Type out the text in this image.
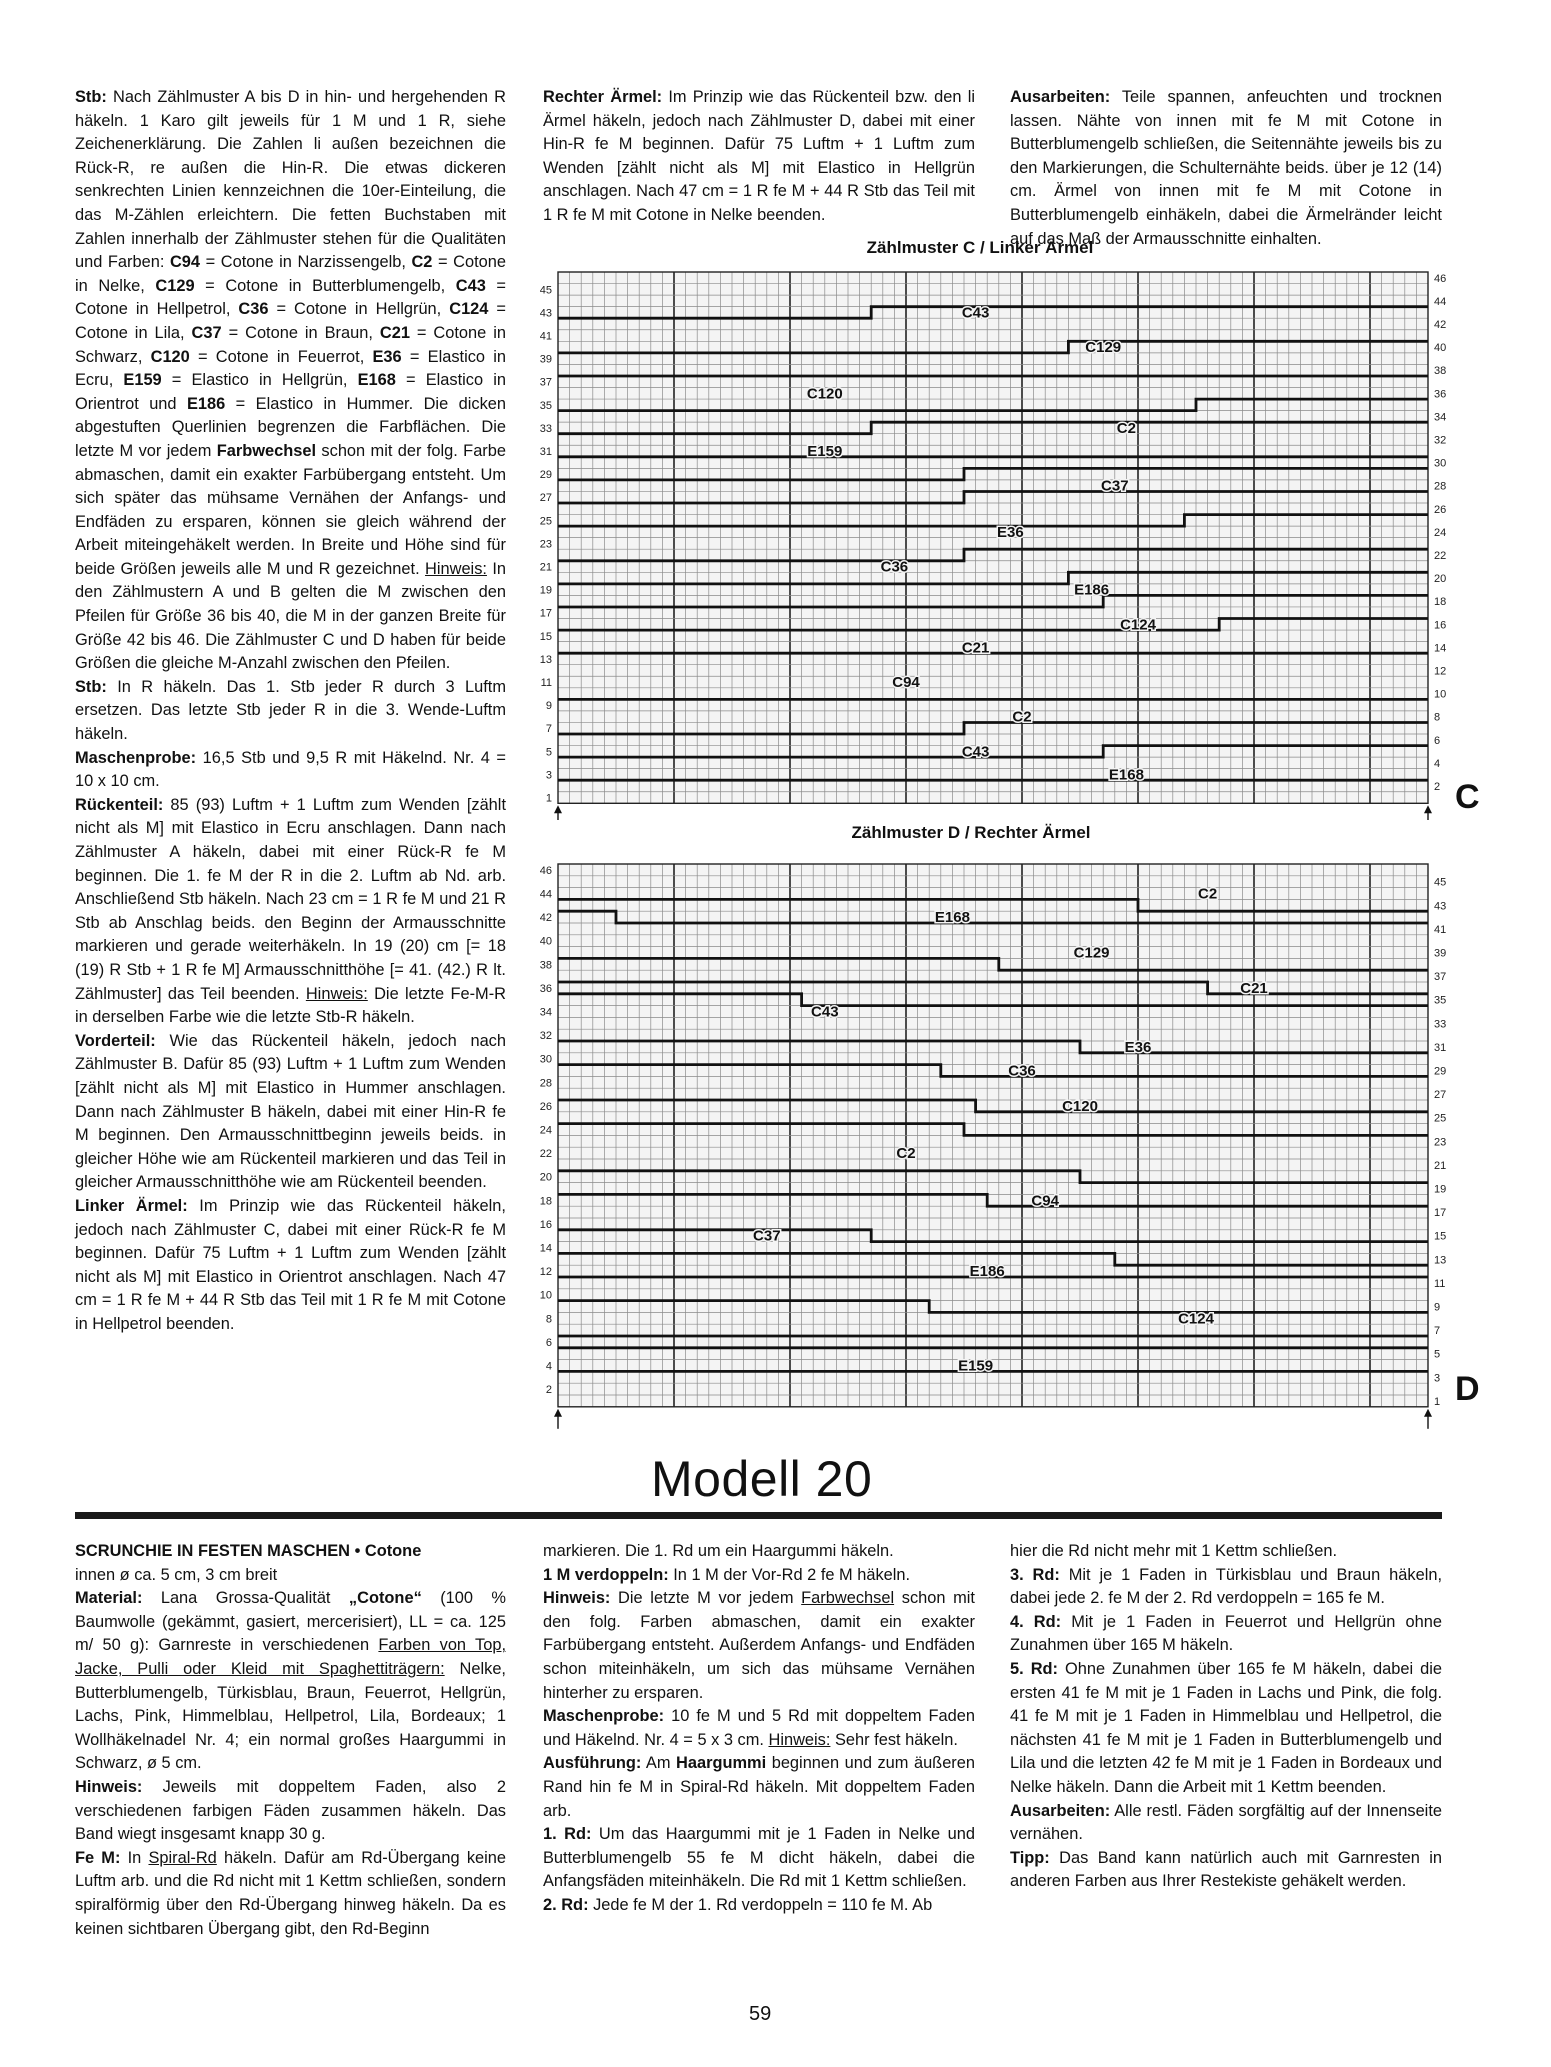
Stb: Nach Zählmuster A bis D in hin- und hergehenden R häkeln. 1 Karo gilt jeweils für 1 M und 1 R, siehe Zeichenerklärung. Die Zahlen li außen bezeichnen die Rück-R, re außen die Hin-R. Die etwas dickeren senkrechten Linien kennzeichnen die 10er-Einteilung, die das M-Zählen erleichtern. Die fetten Buchstaben mit Zahlen innerhalb der Zählmuster stehen für die Qualitäten und Farben: C94 = Cotone in Narzissengelb, C2 = Cotone in Nelke, C129 = Cotone in Butterblumengelb, C43 = Cotone in Hellpetrol, C36 = Cotone in Hellgrün, C124 = Cotone in Lila, C37 = Cotone in Braun, C21 = Cotone in Schwarz, C120 = Cotone in Feuerrot, E36 = Elastico in Ecru, E159 = Elastico in Hellgrün, E168 = Elastico in Orientrot und E186 = Elastico in Hummer. Die dicken abgestuften Querlinien begrenzen die Farbflächen. Die letzte M vor jedem Farbwechsel schon mit der folg. Farbe abmaschen, damit ein exakter Farbübergang entsteht. Um sich später das mühsame Vernähen der Anfangs- und Endfäden zu ersparen, können sie gleich während der Arbeit miteingehäkelt werden. In Breite und Höhe sind für beide Größen jeweils alle M und R gezeichnet. Hinweis: In den Zählmustern A und B gelten die M zwischen den Pfeilen für Größe 36 bis 40, die M in der ganzen Breite für Größe 42 bis 46. Die Zählmuster C und D haben für beide Größen die gleiche M-Anzahl zwischen den Pfeilen.

Stb: In R häkeln. Das 1. Stb jeder R durch 3 Luftm ersetzen. Das letzte Stb jeder R in die 3. Wende-Luftm häkeln.

Maschenprobe: 16,5 Stb und 9,5 R mit Häkelnd. Nr. 4 = 10 x 10 cm.

Rückenteil: 85 (93) Luftm + 1 Luftm zum Wenden [zählt nicht als M] mit Elastico in Ecru anschlagen. Dann nach Zählmuster A häkeln, dabei mit einer Rück-R fe M beginnen. Die 1. fe M der R in die 2. Luftm ab Nd. arb. Anschließend Stb häkeln. Nach 23 cm = 1 R fe M und 21 R Stb ab Anschlag beids. den Beginn der Armausschnitte markieren und gerade weiterhäkeln. In 19 (20) cm [= 18 (19) R Stb + 1 R fe M] Armausschnitthöhe [= 41. (42.) R lt. Zählmuster] das Teil beenden. Hinweis: Die letzte Fe-M-R in derselben Farbe wie die letzte Stb-R häkeln.

Vorderteil: Wie das Rückenteil häkeln, jedoch nach Zählmuster B. Dafür 85 (93) Luftm + 1 Luftm zum Wenden [zählt nicht als M] mit Elastico in Hummer anschlagen. Dann nach Zählmuster B häkeln, dabei mit einer Hin-R fe M beginnen. Den Armausschnittbeginn jeweils beids. in gleicher Höhe wie am Rückenteil markieren und das Teil in gleicher Armausschnitthöhe wie am Rückenteil beenden.

Linker Ärmel: Im Prinzip wie das Rückenteil häkeln, jedoch nach Zählmuster C, dabei mit einer Rück-R fe M beginnen. Dafür 75 Luftm + 1 Luftm zum Wenden [zählt nicht als M] mit Elastico in Orientrot anschlagen. Nach 47 cm = 1 R fe M + 44 R Stb das Teil mit 1 R fe M mit Cotone in Hellpetrol beenden.

Rechter Ärmel: Im Prinzip wie das Rückenteil bzw. den li Ärmel häkeln, jedoch nach Zählmuster D, dabei mit einer Hin-R fe M beginnen. Dafür 75 Luftm + 1 Luftm zum Wenden [zählt nicht als M] mit Elastico in Hellgrün anschlagen. Nach 47 cm = 1 R fe M + 44 R Stb das Teil mit 1 R fe M mit Cotone in Nelke beenden.

Ausarbeiten: Teile spannen, anfeuchten und trocknen lassen. Nähte von innen mit fe M mit Cotone in Butterblumengelb schließen, die Seitennähte jeweils bis zu den Markierungen, die Schulternähte beids. über je 12 (14) cm. Ärmel von innen mit fe M mit Cotone in Butterblumengelb einhäkeln, dabei die Ärmelränder leicht auf das Maß der Armausschnitte einhalten.

Zählmuster C / Linker Ärmel
45
43
41
39
37
35
33
31
29
27
25
23
21
19
17
15
13
11
9
7
5
3
1
46
44
42
40
38
36
34
32
30
28
26
24
22
20
18
16
14
12
10
8
6
4
2
C43
C129
C120
C2
E159
C37
E36
C36
E186
C124
C21
C94
C2
C43
E168
C
Zählmuster D / Rechter Ärmel
46
44
42
40
38
36
34
32
30
28
26
24
22
20
18
16
14
12
10
8
6
4
2
45
43
41
39
37
35
33
31
29
27
25
23
21
19
17
15
13
11
9
7
5
3
1
C2
E168
C129
C21
C43
E36
C36
C120
C2
C94
C37
E186
C124
E159
D
Modell 20

SCRUNCHIE IN FESTEN MASCHEN • Cotone

innen ø ca. 5 cm, 3 cm breit

Material: Lana Grossa-Qualität „Cotone“ (100 % Baumwolle (gekämmt, gasiert, mercerisiert), LL = ca. 125 m/ 50 g): Garnreste in verschiedenen Farben von Top, Jacke, Pulli oder Kleid mit Spaghettiträgern: Nelke, Butterblumengelb, Türkisblau, Braun, Feuerrot, Hellgrün, Lachs, Pink, Himmelblau, Hellpetrol, Lila, Bordeaux; 1 Wollhäkelnadel Nr. 4; ein normal großes Haargummi in Schwarz, ø 5 cm.

Hinweis: Jeweils mit doppeltem Faden, also 2 verschiedenen farbigen Fäden zusammen häkeln. Das Band wiegt insgesamt knapp 30 g.

Fe M: In Spiral-Rd häkeln. Dafür am Rd-Übergang keine Luftm arb. und die Rd nicht mit 1 Kettm schließen, sondern spiralförmig über den Rd-Übergang hinweg häkeln. Da es keinen sichtbaren Übergang gibt, den Rd-Beginn

markieren. Die 1. Rd um ein Haargummi häkeln.

1 M verdoppeln: In 1 M der Vor-Rd 2 fe M häkeln.

Hinweis: Die letzte M vor jedem Farbwechsel schon mit den folg. Farben abmaschen, damit ein exakter Farbübergang entsteht. Außerdem Anfangs- und Endfäden schon miteinhäkeln, um sich das mühsame Vernähen hinterher zu ersparen.

Maschenprobe: 10 fe M und 5 Rd mit doppeltem Faden und Häkelnd. Nr. 4 = 5 x 3 cm. Hinweis: Sehr fest häkeln.

Ausführung: Am Haargummi beginnen und zum äußeren Rand hin fe M in Spiral-Rd häkeln. Mit doppeltem Faden arb.

1. Rd: Um das Haargummi mit je 1 Faden in Nelke und Butterblumengelb 55 fe M dicht häkeln, dabei die Anfangsfäden miteinhäkeln. Die Rd mit 1 Kettm schließen.

2. Rd: Jede fe M der 1. Rd verdoppeln = 110 fe M. Ab

hier die Rd nicht mehr mit 1 Kettm schließen.

3. Rd: Mit je 1 Faden in Türkisblau und Braun häkeln, dabei jede 2. fe M der 2. Rd verdoppeln = 165 fe M.

4. Rd: Mit je 1 Faden in Feuerrot und Hellgrün ohne Zunahmen über 165 M häkeln.

5. Rd: Ohne Zunahmen über 165 fe M häkeln, dabei die ersten 41 fe M mit je 1 Faden in Lachs und Pink, die folg. 41 fe M mit je 1 Faden in Himmelblau und Hellpetrol, die nächsten 41 fe M mit je 1 Faden in Butterblumengelb und Lila und die letzten 42 fe M mit je 1 Faden in Bordeaux und Nelke häkeln. Dann die Arbeit mit 1 Kettm beenden.

Ausarbeiten: Alle restl. Fäden sorgfältig auf der Innenseite vernähen.

Tipp: Das Band kann natürlich auch mit Garnresten in anderen Farben aus Ihrer Restekiste gehäkelt werden.

59
